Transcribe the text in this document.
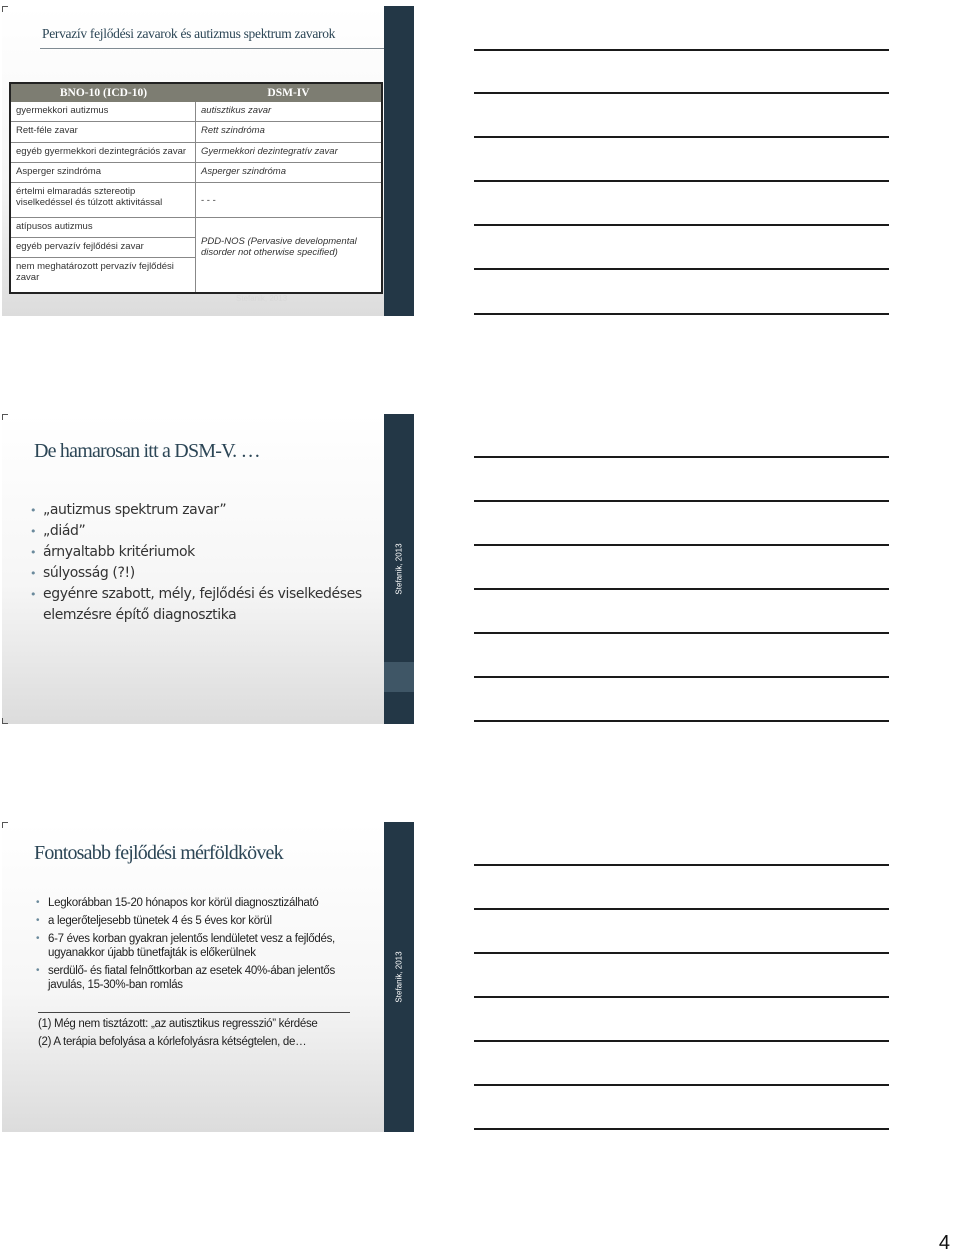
Pervazív fejlődési zavarok és autizmus spektrum zavarok
BNO-10 (ICD-10)	DSM-IV
gyermekkori autizmus
Rett-féle zavar
egyéb gyermekkori dezintegrációs zavar
Asperger szindróma
értelmi elmaradás sztereotip viselkedéssel és túlzott aktivitással
atípusos autizmus
egyéb pervazív fejlődési zavar
nem meghatározott pervazív fejlődési zavar
autisztikus zavar
Rett szindróma
Gyermekkori dezintegratív zavar
Asperger szindróma
- - -
PDD-NOS (Pervasive developmental disorder not otherwise specified)
Stefanik, 2013
Stefanik, 2013
De hamarosan itt a DSM-V. …
• „autizmus spektrum zavar”
• „diád”
• árnyaltabb kritériumok
• súlyosság (?!)
• egyénre szabott, mély, fejlődési és viselkedéses elemzésre építő diagnosztika
Stefanik, 2013
Fontosabb fejlődési mérföldkövek
• Legkorábban 15-20 hónapos kor körül diagnosztizálható
• a legerőteljesebb tünetek 4 és 5 éves kor körül
• 6-7 éves korban gyakran jelentős lendületet vesz a fejlődés, ugyanakkor újabb tünetfajták is előkerülnek
• serdülő- és fiatal felnőttkorban az esetek 40%-ában jelentős javulás, 15-30%-ban romlás
(1) Még nem tisztázott: „az autisztikus regresszió” kérdése
(2) A terápia befolyása a kórlefolyásra kétségtelen, de…
4
